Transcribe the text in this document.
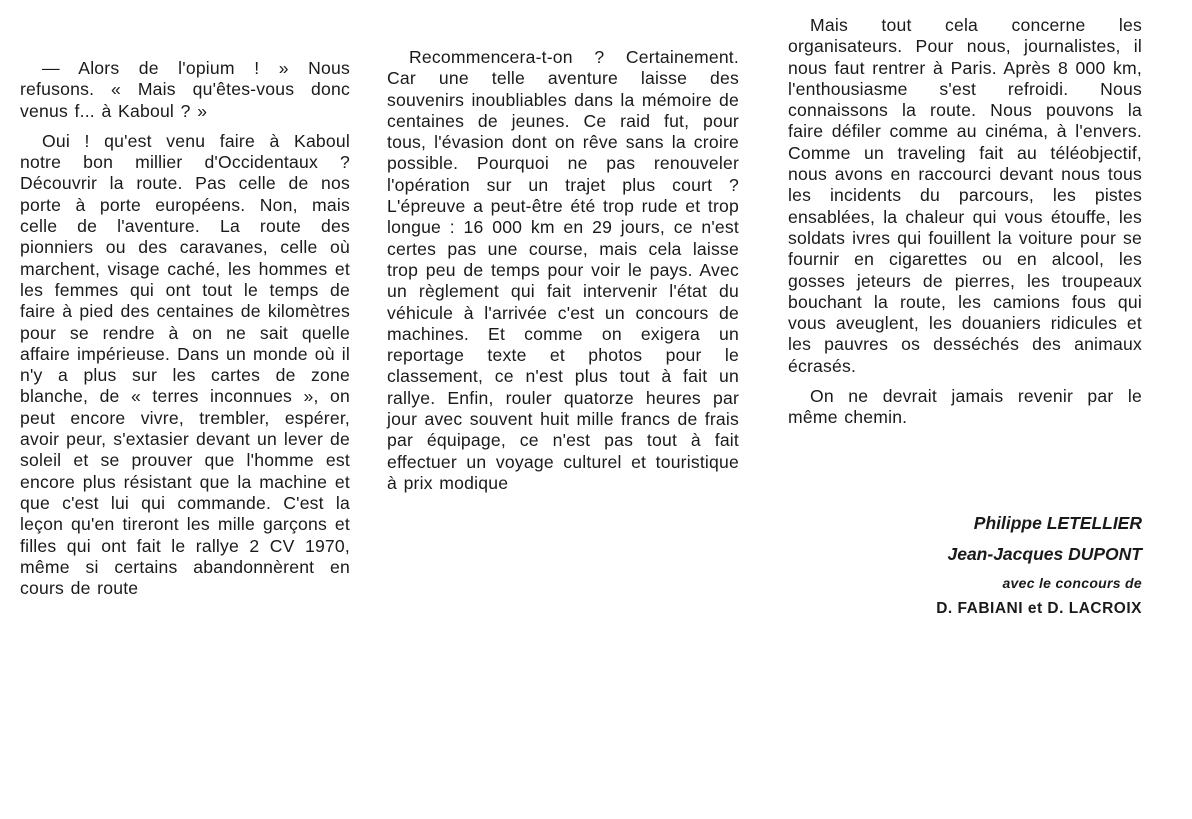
— Alors de l'opium ! » Nous refusons. « Mais qu'êtes-vous donc venus f... à Kaboul ? »

Oui ! qu'est venu faire à Kaboul notre bon millier d'Occidentaux ? Découvrir la route. Pas celle de nos porte à porte européens. Non, mais celle de l'aventure. La route des pionniers ou des caravanes, celle où marchent, visage caché, les hommes et les femmes qui ont tout le temps de faire à pied des centaines de kilomètres pour se rendre à on ne sait quelle affaire impérieuse. Dans un monde où il n'y a plus sur les cartes de zone blanche, de « terres inconnues », on peut encore vivre, trembler, espérer, avoir peur, s'extasier devant un lever de soleil et se prouver que l'homme est encore plus résistant que la machine et que c'est lui qui commande. C'est la leçon qu'en tireront les mille garçons et filles qui ont fait le rallye 2 CV 1970, même si certains abandonnèrent en cours de route

Recommencera-t-on ? Certainement. Car une telle aventure laisse des souvenirs inoubliables dans la mémoire de centaines de jeunes. Ce raid fut, pour tous, l'évasion dont on rêve sans la croire possible. Pourquoi ne pas renouveler l'opération sur un trajet plus court ? L'épreuve a peut-être été trop rude et trop longue : 16 000 km en 29 jours, ce n'est certes pas une course, mais cela laisse trop peu de temps pour voir le pays. Avec un règlement qui fait intervenir l'état du véhicule à l'arrivée c'est un concours de machines. Et comme on exigera un reportage texte et photos pour le classement, ce n'est plus tout à fait un rallye. Enfin, rouler quatorze heures par jour avec souvent huit mille francs de frais par équipage, ce n'est pas tout à fait effectuer un voyage culturel et touristique à prix modique

Mais tout cela concerne les organisateurs. Pour nous, journalistes, il nous faut rentrer à Paris. Après 8 000 km, l'enthousiasme s'est refroidi. Nous connaissons la route. Nous pouvons la faire défiler comme au cinéma, à l'envers. Comme un traveling fait au téléobjectif, nous avons en raccourci devant nous tous les incidents du parcours, les pistes ensablées, la chaleur qui vous étouffe, les soldats ivres qui fouillent la voiture pour se fournir en cigarettes ou en alcool, les gosses jeteurs de pierres, les troupeaux bouchant la route, les camions fous qui vous aveuglent, les douaniers ridicules et les pauvres os desséchés des animaux écrasés.

On ne devrait jamais revenir par le même chemin.

Philippe LETELLIER
Jean-Jacques DUPONT
avec le concours de
D. FABIANI et D. LACROIX
